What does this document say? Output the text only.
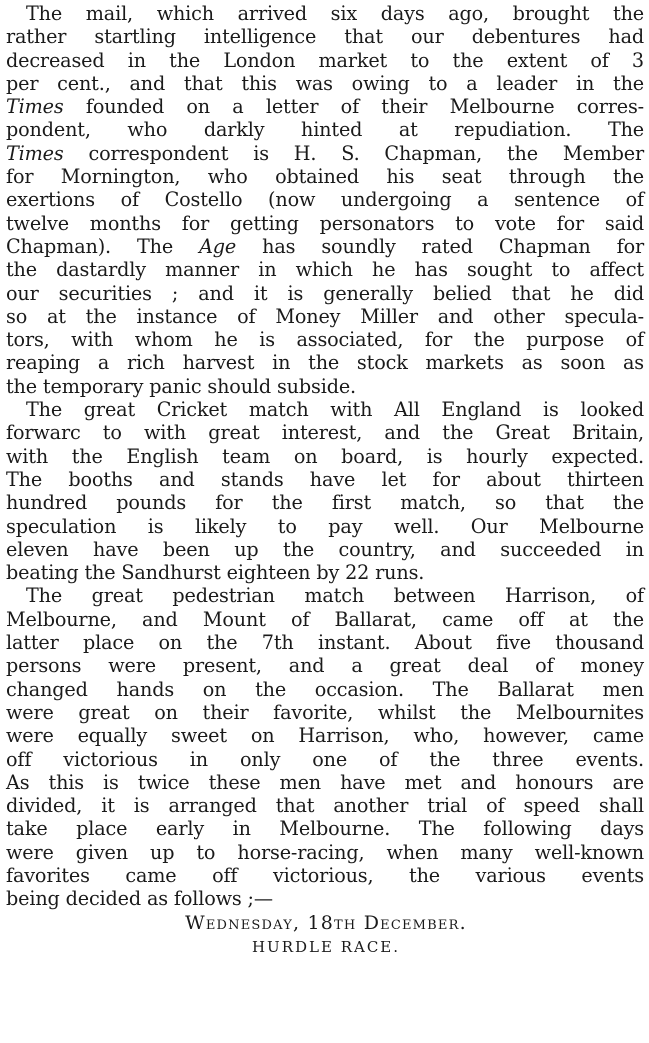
The mail, which arrived six days ago, brought the
rather startling intelligence that our debentures had
decreased in the London market to the extent of 3
per cent., and that this was owing to a leader in the
Times founded on a letter of their Melbourne corres-
pondent, who darkly hinted at repudiation. The
Times correspondent is H. S. Chapman, the Member
for Mornington, who obtained his seat through the
exertions of Costello (now undergoing a sentence of
twelve months for getting personators to vote for said
Chapman). The Age has soundly rated Chapman for
the dastardly manner in which he has sought to affect
our securities ; and it is generally belied that he did
so at the instance of Money Miller and other specula-
tors, with whom he is associated, for the purpose of
reaping a rich harvest in the stock markets as soon as
the temporary panic should subside.
The great Cricket match with All England is looked
forwarc to with great interest, and the Great Britain,
with the English team on board, is hourly expected.
The booths and stands have let for about thirteen
hundred pounds for the first match, so that the
speculation is likely to pay well. Our Melbourne
eleven have been up the country, and succeeded in
beating the Sandhurst eighteen by 22 runs.
The great pedestrian match between Harrison, of
Melbourne, and Mount of Ballarat, came off at the
latter place on the 7th instant. About five thousand
persons were present, and a great deal of money
changed hands on the occasion. The Ballarat men
were great on their favorite, whilst the Melbournites
were equally sweet on Harrison, who, however, came
off victorious in only one of the three events.
As this is twice these men have met and honours are
divided, it is arranged that another trial of speed shall
take place early in Melbourne. The following days
were given up to horse-racing, when many well-known
favorites came off victorious, the various events
being decided as follows ;—
Wednesday, 18th December.
HURDLE RACE.
